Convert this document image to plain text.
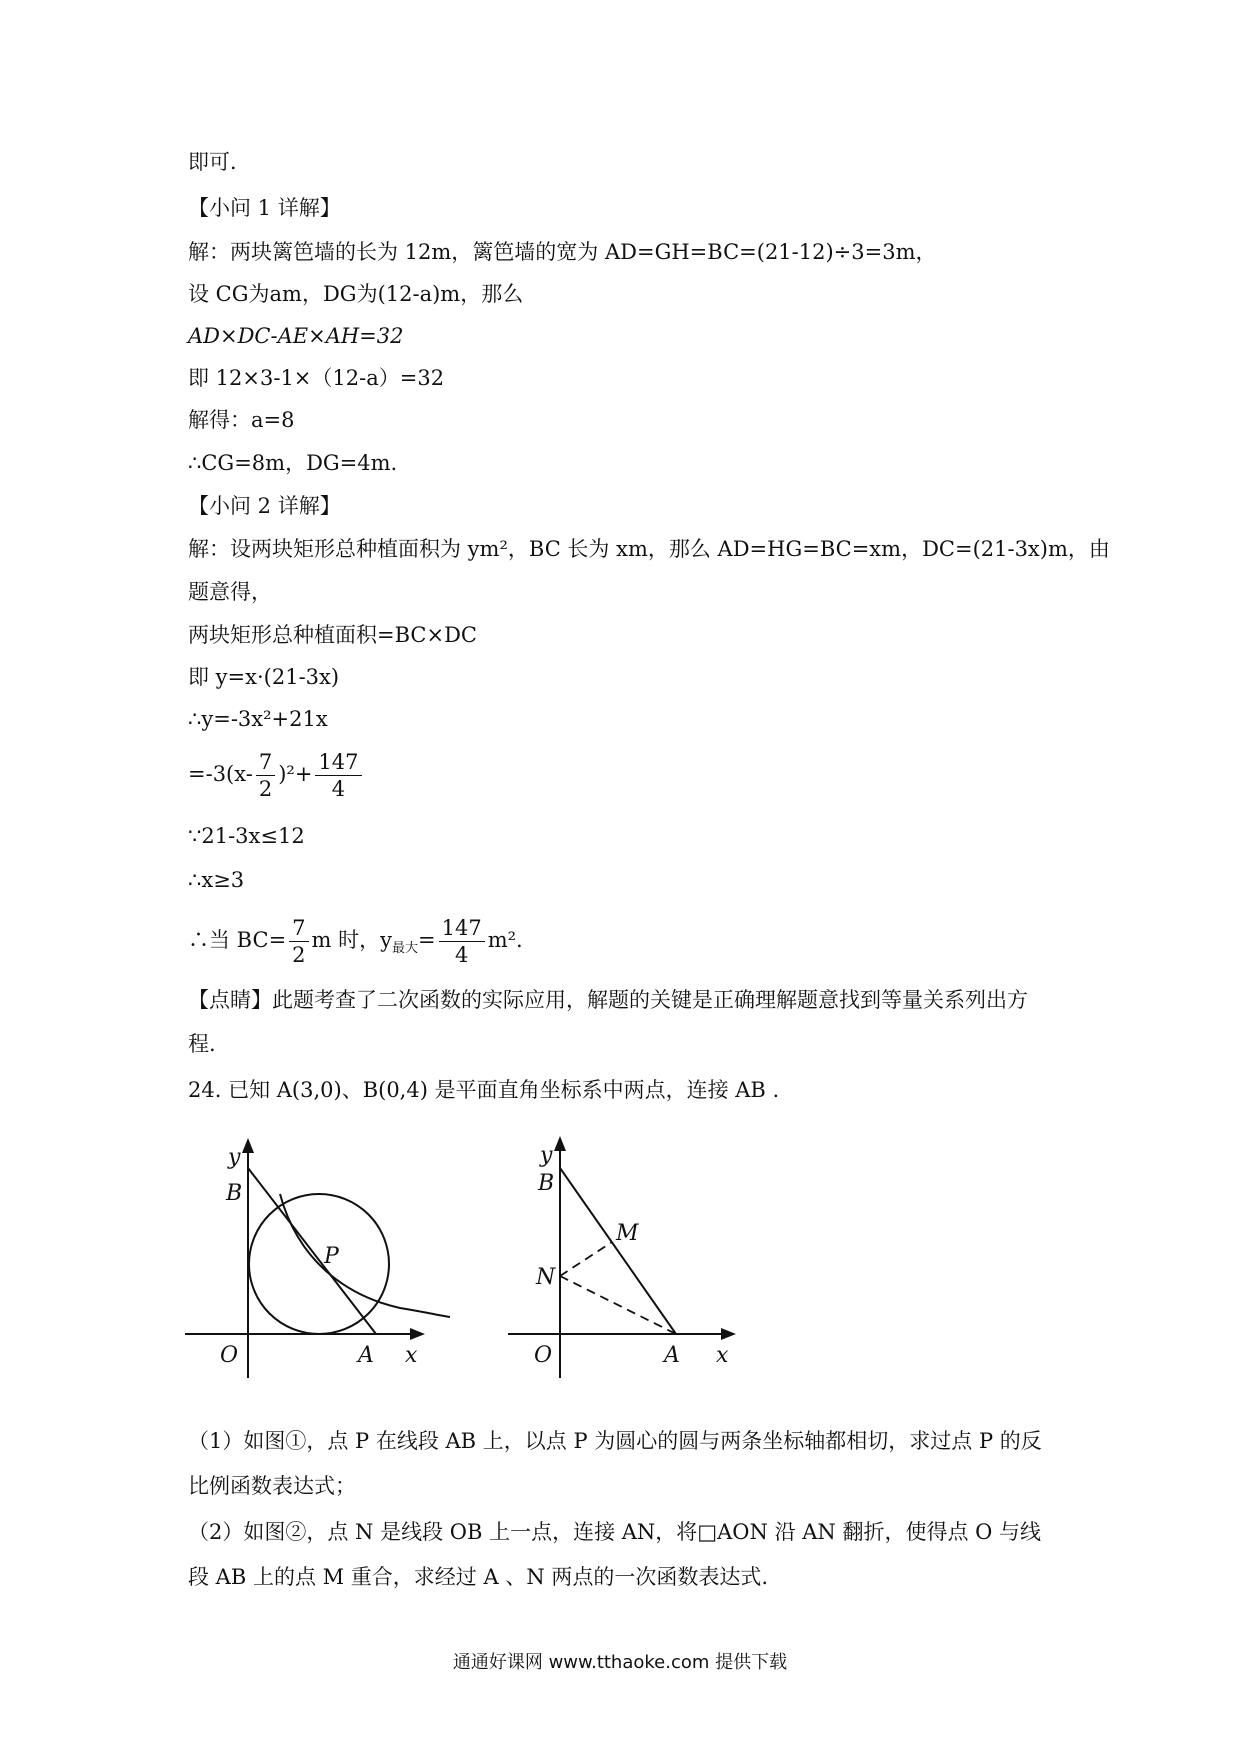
即可．
【小问 1 详解】
解：两块篱笆墙的长为 12m，篱笆墙的宽为 AD=GH=BC=(21-12)÷3=3m，
设 CG为am，DG为(12-a)m，那么
AD×DC-AE×AH=32
即 12×3-1×（12-a）=32
解得：a=8
∴CG=8m，DG=4m.
【小问 2 详解】
解：设两块矩形总种植面积为 ym²，BC 长为 xm，那么 AD=HG=BC=xm，DC=(21-3x)m，由
题意得，
两块矩形总种植面积=BC×DC
即 y=x·(21-3x)
∴y=-3x²+21x
$=-3(x- \frac{7}{2} )^2+ \frac{147}{4}$
∵21-3x≤12
∴x≥3
∴当 $BC= \frac{7}{2}$ m 时，$y_{最大}= \frac{147}{4} m^2$.
【点睛】此题考查了二次函数的实际应用，解题的关键是正确理解题意找到等量关系列出方
程.
24. 已知 A(3,0)、B(0,4) 是平面直角坐标系中两点，连接 AB .
y
B
P
O	A x
y
B
M
N
O	A x
（1）如图①，点 P 在线段 AB 上，以点 P 为圆心的圆与两条坐标轴都相切，求过点 P 的反
比例函数表达式；
（2）如图②，点 N 是线段 OB 上一点，连接 AN，将□AON 沿 AN 翻折，使得点 O 与线
段 AB 上的点 M 重合，求经过 A 、N 两点的一次函数表达式.
通通好课网 www.tthaoke.com 提供下载
